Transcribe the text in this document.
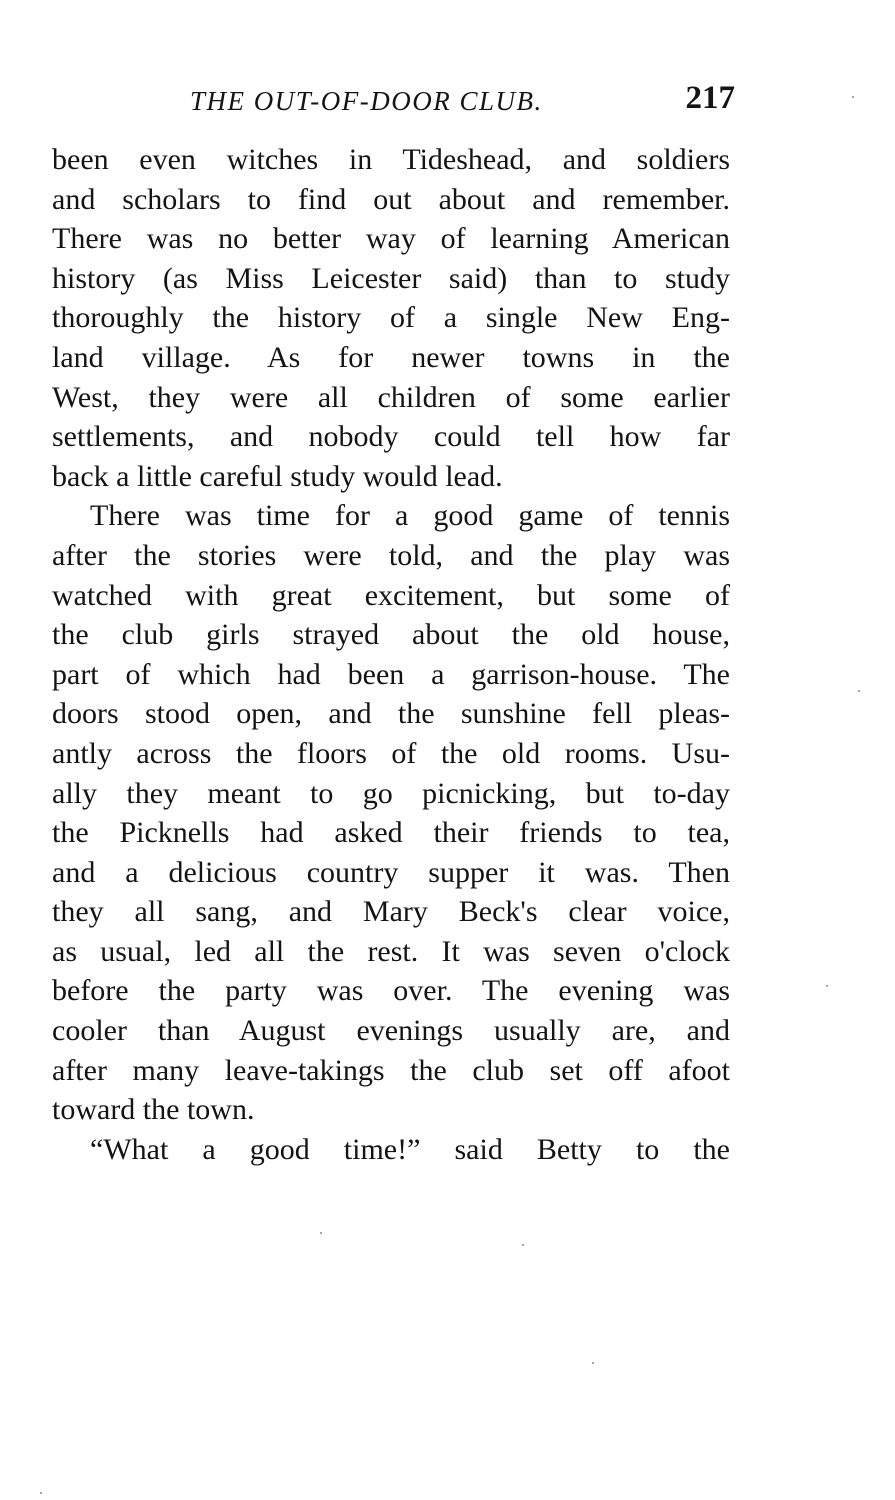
THE OUT-OF-DOOR CLUB.	217
been even witches in Tideshead, and soldiers
and scholars to find out about and remember.
There was no better way of learning American
history (as Miss Leicester said) than to study
thoroughly the history of a single New Eng-
land village. As for newer towns in the
West, they were all children of some earlier
settlements, and nobody could tell how far
back a little careful study would lead.
There was time for a good game of tennis
after the stories were told, and the play was
watched with great excitement, but some of
the club girls strayed about the old house,
part of which had been a garrison-house. The
doors stood open, and the sunshine fell pleas-
antly across the floors of the old rooms. Usu-
ally they meant to go picnicking, but to-day
the Picknells had asked their friends to tea,
and a delicious country supper it was. Then
they all sang, and Mary Beck's clear voice,
as usual, led all the rest. It was seven o'clock
before the party was over. The evening was
cooler than August evenings usually are, and
after many leave-takings the club set off afoot
toward the town.
“What a good time!” said Betty to the
